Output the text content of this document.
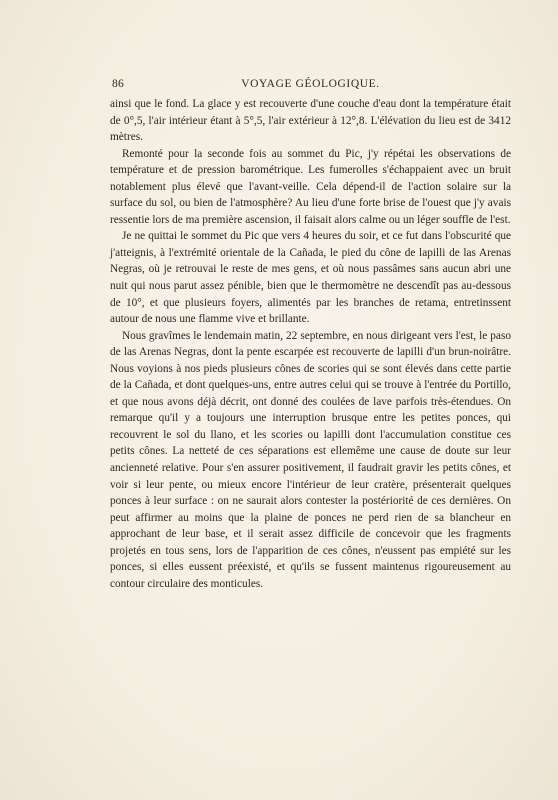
86	VOYAGE GÉOLOGIQUE.

ainsi que le fond. La glace y est recouverte d'une couche d'eau dont la température était de 0°,5, l'air intérieur étant à 5°,5, l'air extérieur à 12°,8. L'élévation du lieu est de 3412 mètres.

Remonté pour la seconde fois au sommet du Pic, j'y répétai les observations de température et de pression barométrique. Les fumerolles s'échappaient avec un bruit notablement plus élevé que l'avant-veille. Cela dépend-il de l'action solaire sur la surface du sol, ou bien de l'atmosphère? Au lieu d'une forte brise de l'ouest que j'y avais ressentie lors de ma première ascension, il faisait alors calme ou un léger souffle de l'est.

Je ne quittai le sommet du Pic que vers 4 heures du soir, et ce fut dans l'obscurité que j'atteignis, à l'extrémité orientale de la Cañada, le pied du cône de lapilli de las Arenas Negras, où je retrouvai le reste de mes gens, et où nous passâmes sans aucun abri une nuit qui nous parut assez pénible, bien que le thermomètre ne descendît pas au-dessous de 10°, et que plusieurs foyers, alimentés par les branches de retama, entretinssent autour de nous une flamme vive et brillante.

Nous gravîmes le lendemain matin, 22 septembre, en nous dirigeant vers l'est, le paso de las Arenas Negras, dont la pente escarpée est recouverte de lapilli d'un brun-noirâtre. Nous voyions à nos pieds plusieurs cônes de scories qui se sont élevés dans cette partie de la Cañada, et dont quelques-uns, entre autres celui qui se trouve à l'entrée du Portillo, et que nous avons déjà décrit, ont donné des coulées de lave parfois très-étendues. On remarque qu'il y a toujours une interruption brusque entre les petites ponces, qui recouvrent le sol du llano, et les scories ou lapilli dont l'accumulation constitue ces petits cônes. La netteté de ces séparations est ellemême une cause de doute sur leur ancienneté relative. Pour s'en assurer positivement, il faudrait gravir les petits cônes, et voir si leur pente, ou mieux encore l'intérieur de leur cratère, présenterait quelques ponces à leur surface : on ne saurait alors contester la postériorité de ces dernières. On peut affirmer au moins que la plaine de ponces ne perd rien de sa blancheur en approchant de leur base, et il serait assez difficile de concevoir que les fragments projetés en tous sens, lors de l'apparition de ces cônes, n'eussent pas empiété sur les ponces, si elles eussent préexisté, et qu'ils se fussent maintenus rigoureusement au contour circulaire des monticules.
